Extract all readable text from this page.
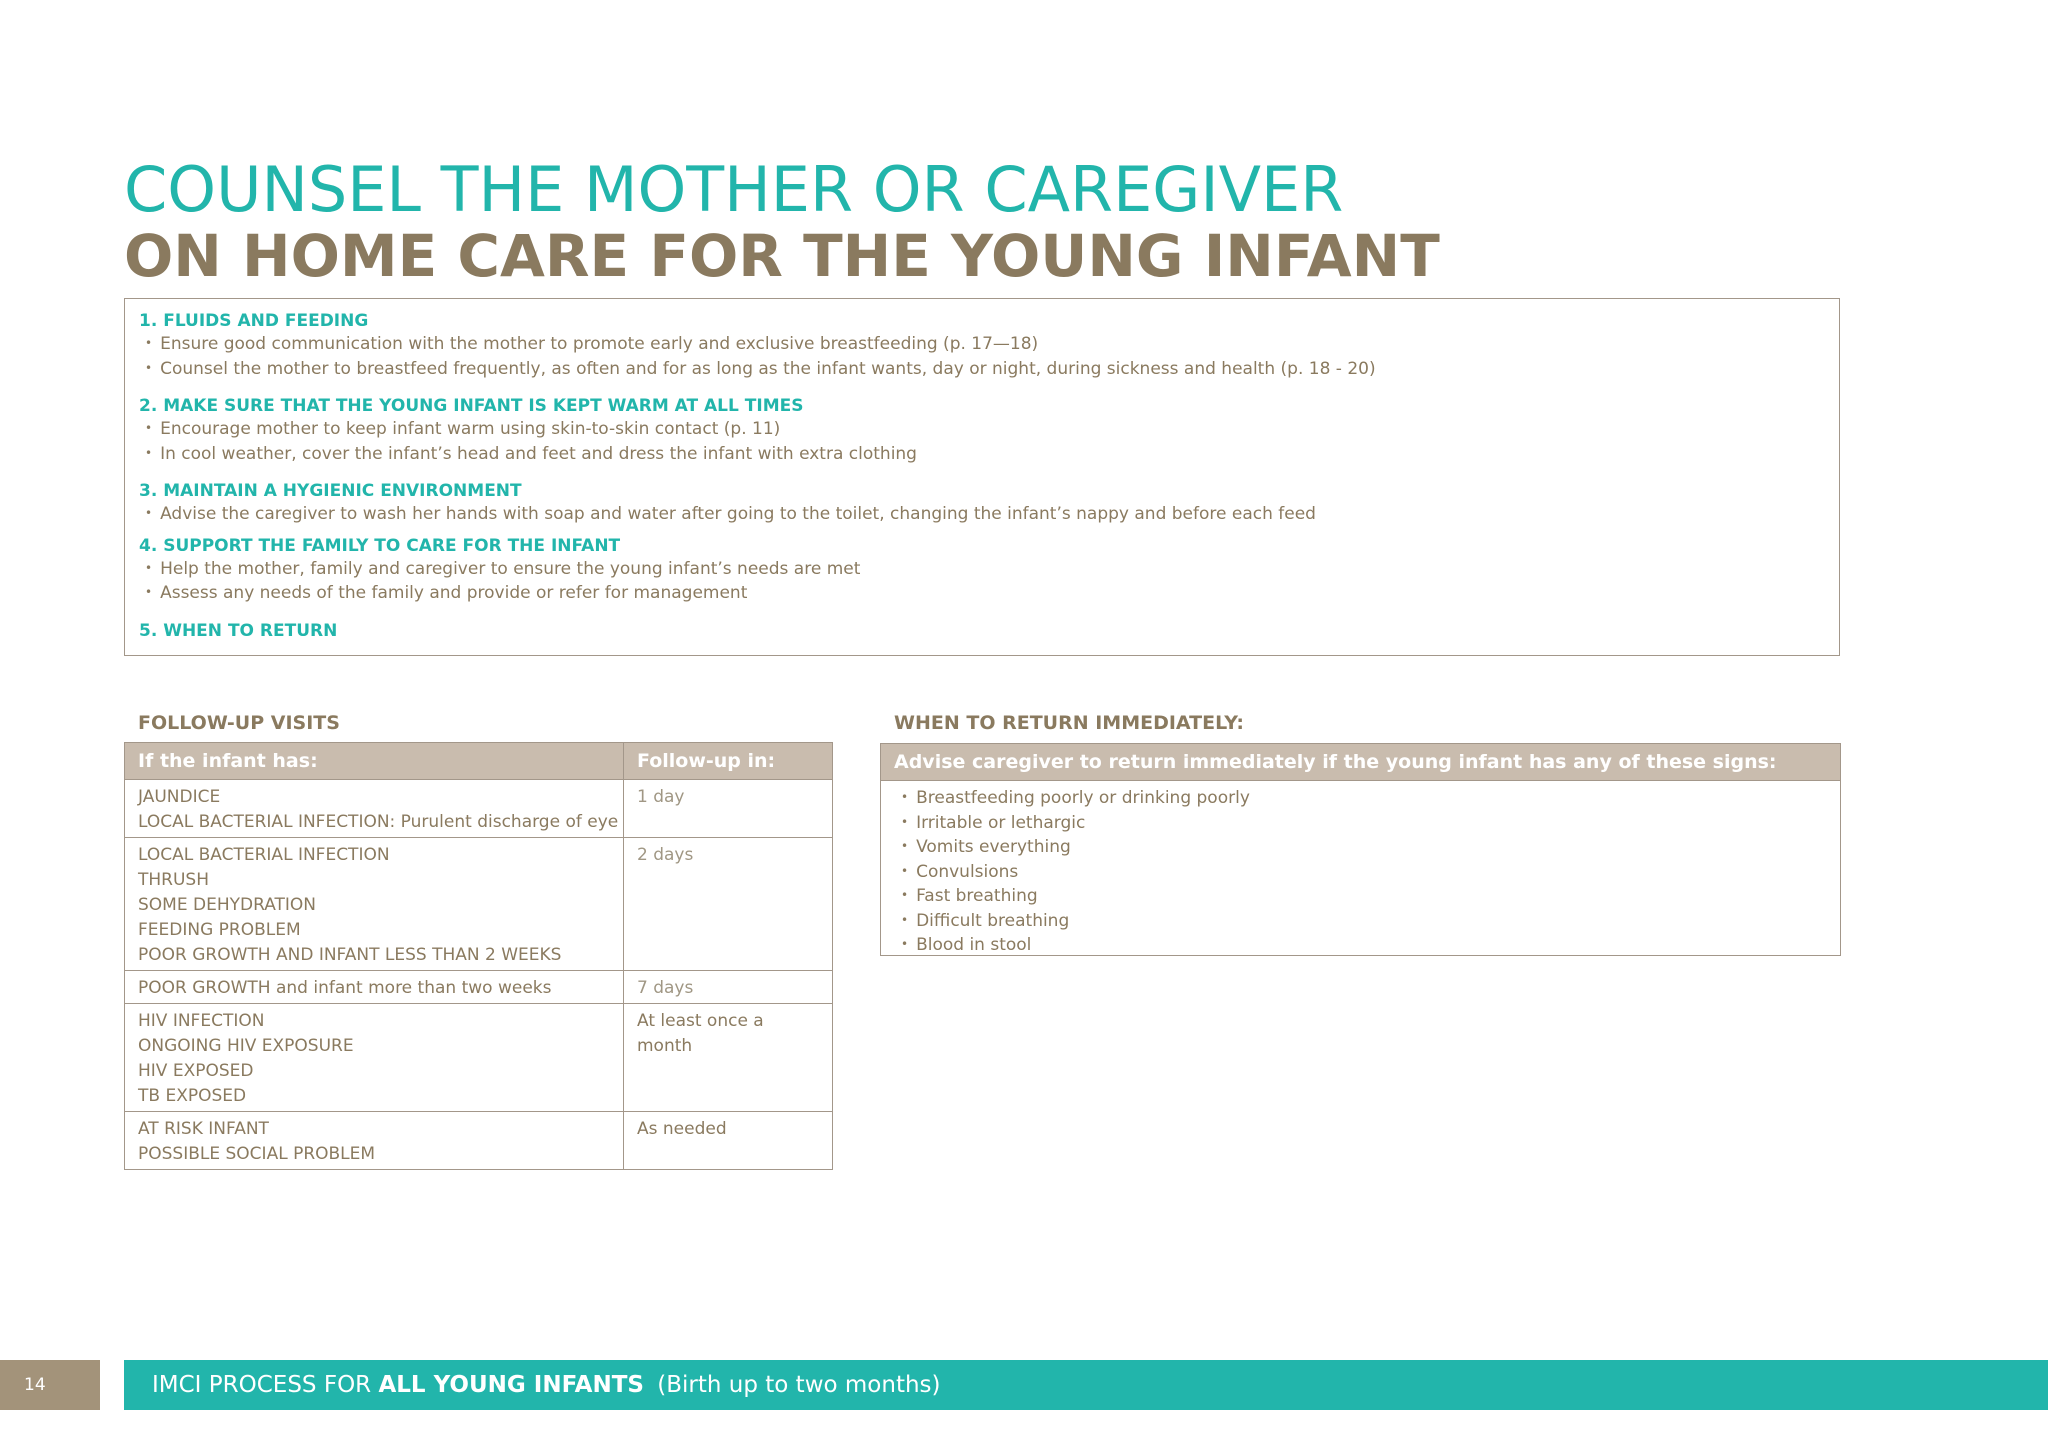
COUNSEL THE MOTHER OR CAREGIVER
ON HOME CARE FOR THE YOUNG INFANT
1. FLUIDS AND FEEDING
• Ensure good communication with the mother to promote early and exclusive breastfeeding (p. 17—18)
• Counsel the mother to breastfeed frequently, as often and for as long as the infant wants, day or night, during sickness and health (p. 18 - 20)
2. MAKE SURE THAT THE YOUNG INFANT IS KEPT WARM AT ALL TIMES
• Encourage mother to keep infant warm using skin-to-skin contact (p. 11)
• In cool weather, cover the infant’s head and feet and dress the infant with extra clothing
3. MAINTAIN A HYGIENIC ENVIRONMENT
• Advise the caregiver to wash her hands with soap and water after going to the toilet, changing the infant’s nappy and before each feed
4. SUPPORT THE FAMILY TO CARE FOR THE INFANT
• Help the mother, family and caregiver to ensure the young infant’s needs are met
• Assess any needs of the family and provide or refer for management
5. WHEN TO RETURN
FOLLOW-UP VISITS
If the infant has:	Follow-up in:

JAUNDICE
LOCAL BACTERIAL INFECTION: Purulent discharge of eye	1 day

LOCAL BACTERIAL INFECTION
THRUSH
SOME DEHYDRATION
FEEDING PROBLEM
POOR GROWTH AND INFANT LESS THAN 2 WEEKS	2 days

POOR GROWTH and infant more than two weeks	7 days

HIV INFECTION
ONGOING HIV EXPOSURE
HIV EXPOSED
TB EXPOSED	At least once a
month

AT RISK INFANT
POSSIBLE SOCIAL PROBLEM	As needed
WHEN TO RETURN IMMEDIATELY:
Advise caregiver to return immediately if the young infant has any of these signs:
• Breastfeeding poorly or drinking poorly
• Irritable or lethargic
• Vomits everything
• Convulsions
• Fast breathing
• Difficult breathing
• Blood in stool
14	IMCI PROCESS FOR ALL YOUNG INFANTS (Birth up to two months)
